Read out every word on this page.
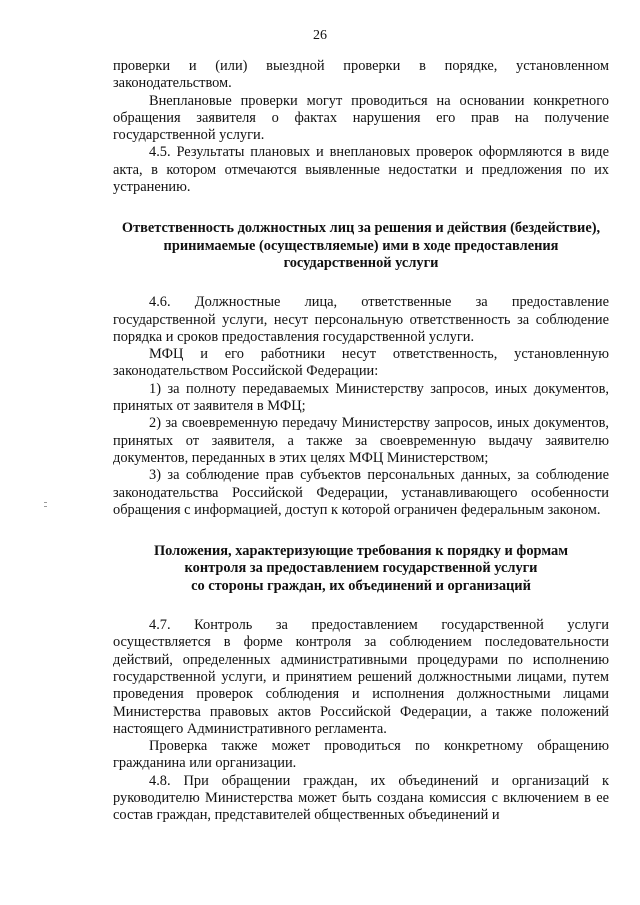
26

проверки и (или) выездной проверки в порядке, установленном законодательством.

Внеплановые проверки могут проводиться на основании конкретного обращения заявителя о фактах нарушения его прав на получение государственной услуги.

4.5. Результаты плановых и внеплановых проверок оформляются в виде акта, в котором отмечаются выявленные недостатки и предложения по их устранению.

Ответственность должностных лиц за решения и действия (бездействие),
принимаемые (осуществляемые) ими в ходе предоставления
государственной услуги

4.6. Должностные лица, ответственные за предоставление государственной услуги, несут персональную ответственность за соблюдение порядка и сроков предоставления государственной услуги.

МФЦ и его работники несут ответственность, установленную законодательством Российской Федерации:

1) за полноту передаваемых Министерству запросов, иных документов, принятых от заявителя в МФЦ;

2) за своевременную передачу Министерству запросов, иных документов, принятых от заявителя, а также за своевременную выдачу заявителю документов, переданных в этих целях МФЦ Министерством;

3) за соблюдение прав субъектов персональных данных, за соблюдение законодательства Российской Федерации, устанавливающего особенности обращения с информацией, доступ к которой ограничен федеральным законом.

Положения, характеризующие требования к порядку и формам
контроля за предоставлением государственной услуги
со стороны граждан, их объединений и организаций

4.7. Контроль за предоставлением государственной услуги осуществляется в форме контроля за соблюдением последовательности действий, определенных административными процедурами по исполнению государственной услуги, и принятием решений должностными лицами, путем проведения проверок соблюдения и исполнения должностными лицами Министерства правовых актов Российской Федерации, а также положений настоящего Административного регламента.

Проверка также может проводиться по конкретному обращению гражданина или организации.

4.8. При обращении граждан, их объединений и организаций к руководителю Министерства может быть создана комиссия с включением в ее состав граждан, представителей общественных объединений и
